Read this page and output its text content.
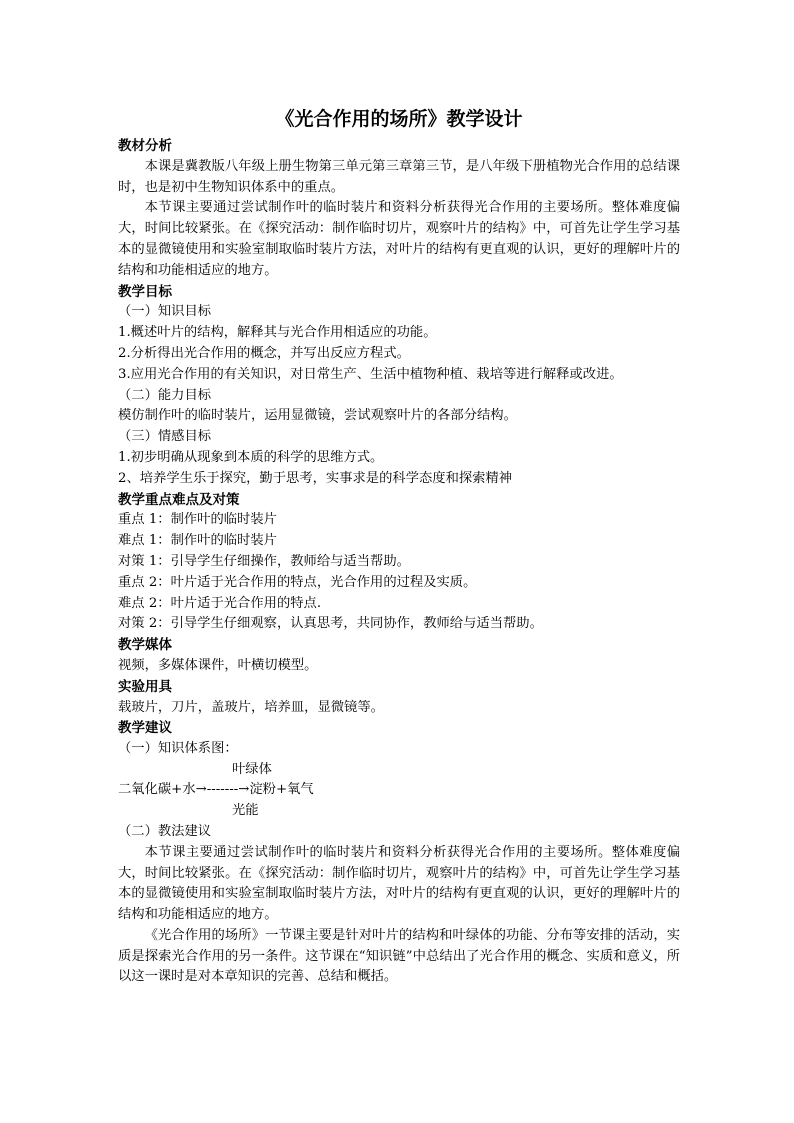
《光合作用的场所》教学设计
教材分析

本课是冀教版八年级上册生物第三单元第三章第三节，是八年级下册植物光合作用的总结课时，也是初中生物知识体系中的重点。

本节课主要通过尝试制作叶的临时装片和资料分析获得光合作用的主要场所。整体难度偏大，时间比较紧张。在《探究活动：制作临时切片，观察叶片的结构》中，可首先让学生学习基本的显微镜使用和实验室制取临时装片方法，对叶片的结构有更直观的认识，更好的理解叶片的结构和功能相适应的地方。

教学目标
（一）知识目标
1.概述叶片的结构，解释其与光合作用相适应的功能。
2.分析得出光合作用的概念，并写出反应方程式。
3.应用光合作用的有关知识，对日常生产、生活中植物种植、栽培等进行解释或改进。
（二）能力目标
模仿制作叶的临时装片，运用显微镜，尝试观察叶片的各部分结构。
（三）情感目标
1.初步明确从现象到本质的科学的思维方式。
2、培养学生乐于探究，勤于思考，实事求是的科学态度和探索精神
教学重点难点及对策
重点 1：制作叶的临时装片
难点 1：制作叶的临时装片
对策 1：引导学生仔细操作，教师给与适当帮助。
重点 2：叶片适于光合作用的特点，光合作用的过程及实质。
难点 2：叶片适于光合作用的特点.
对策 2：引导学生仔细观察，认真思考，共同协作，教师给与适当帮助。
教学媒体
视频，多媒体课件，叶横切模型。
实验用具
载玻片，刀片，盖玻片，培养皿，显微镜等。
教学建议
（一）知识体系图：
叶绿体
二氧化碳+水→-------→淀粉+氧气
光能
（二）教法建议

本节课主要通过尝试制作叶的临时装片和资料分析获得光合作用的主要场所。整体难度偏大，时间比较紧张。在《探究活动：制作临时切片，观察叶片的结构》中，可首先让学生学习基本的显微镜使用和实验室制取临时装片方法，对叶片的结构有更直观的认识，更好的理解叶片的结构和功能相适应的地方。

《光合作用的场所》一节课主要是针对叶片的结构和叶绿体的功能、分布等安排的活动，实质是探索光合作用的另一条件。这节课在“知识链”中总结出了光合作用的概念、实质和意义，所以这一课时是对本章知识的完善、总结和概括。
